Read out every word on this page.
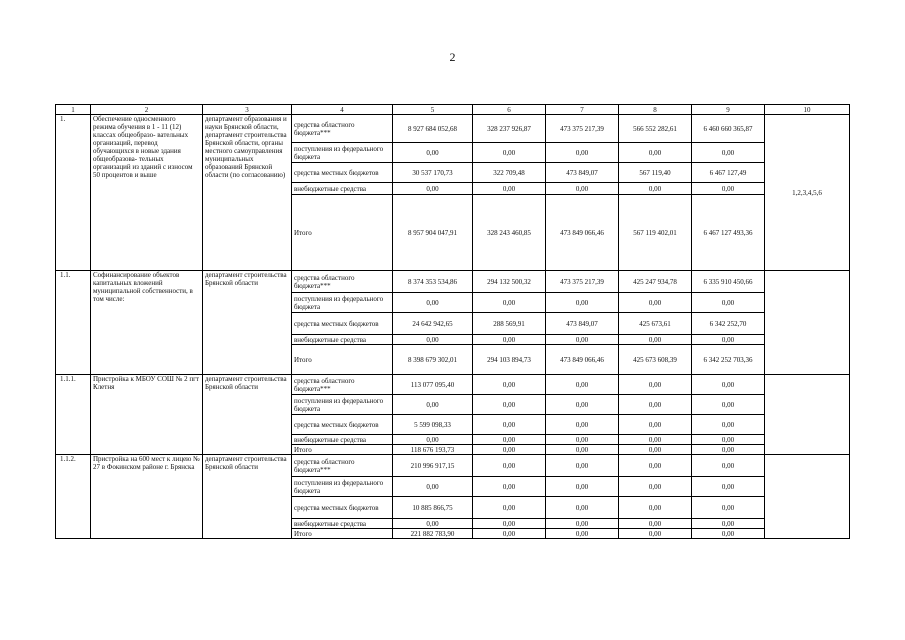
2
1	2	3	4	5	6	7	8	9	10
1.	Обеспечение односменного режима обучения в 1 - 11 (12) классах общеобразо- вательных организаций, перевод обучающихся в новые здания общеобразова- тельных организаций из зданий с износом 50 процентов и выше	департамент образования и науки Брянской области, департамент строительства Брянской области, органы местного самоуправления муниципальных образований Брянской области (по согласованию)	средства областного бюджета***	8 927 684 052,68	328 237 926,87	473 375 217,39	566 552 282,61	6 460 660 365,87	1,2,3,4,5,6
			поступления из федерального бюджета	0,00	0,00	0,00	0,00	0,00	
			средства местных бюджетов	30 537 170,73	322 709,48	473 849,07	567 119,40	6 467 127,49	
			внебюджетные средства	0,00	0,00	0,00	0,00	0,00	
			Итого	8 957 904 047,91	328 243 460,85	473 849 066,46	567 119 402,01	6 467 127 493,36	
1.1.	Софинансирование объектов капитальных вложений муниципальной собственности, в том числе:	департамент строительства Брянской области	средства областного бюджета***	8 374 353 534,86	294 132 500,32	473 375 217,39	425 247 934,78	6 335 910 450,66	
			поступления из федерального бюджета	0,00	0,00	0,00	0,00	0,00	
			средства местных бюджетов	24 642 942,65	288 569,91	473 849,07	425 673,61	6 342 252,70	
			внебюджетные средства	0,00	0,00	0,00	0,00	0,00	
			Итого	8 398 679 302,01	294 103 894,73	473 849 066,46	425 673 608,39	6 342 252 703,36	
1.1.1.	Пристройка к МБОУ СОШ № 2 пгт Клетня	департамент строительства Брянской области	средства областного бюджета***	113 077 095,40	0,00	0,00	0,00	0,00	
			поступления из федерального бюджета	0,00	0,00	0,00	0,00	0,00	
			средства местных бюджетов	5 599 098,33	0,00	0,00	0,00	0,00	
			внебюджетные средства	0,00	0,00	0,00	0,00	0,00	
			Итого	118 676 193,73	0,00	0,00	0,00	0,00	
1.1.2.	Пристройка на 600 мест к лицею № 27 в Фокинском районе г. Брянска	департамент строительства Брянской области	средства областного бюджета***	210 996 917,15	0,00	0,00	0,00	0,00	
			поступления из федерального бюджета	0,00	0,00	0,00	0,00	0,00	
			средства местных бюджетов	10 885 866,75	0,00	0,00	0,00	0,00	
			внебюджетные средства	0,00	0,00	0,00	0,00	0,00	
			Итого	221 882 783,90	0,00	0,00	0,00	0,00	
